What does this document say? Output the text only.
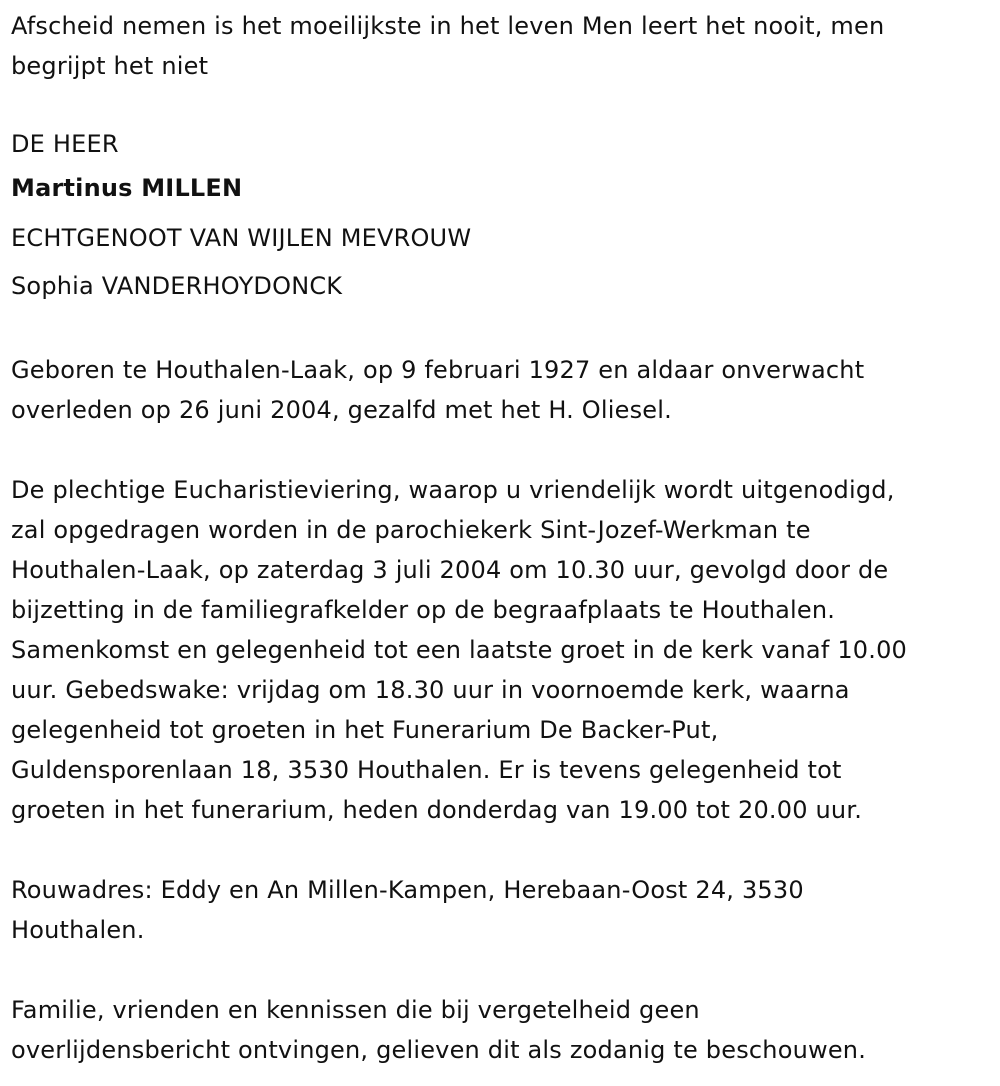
Afscheid nemen is het moeilijkste in het leven Men leert het nooit, men
begrijpt het niet
DE HEER
Martinus MILLEN
ECHTGENOOT VAN WIJLEN MEVROUW
Sophia VANDERHOYDONCK
Geboren te Houthalen-Laak, op 9 februari 1927 en aldaar onverwacht
overleden op 26 juni 2004, gezalfd met het H. Oliesel.
De plechtige Eucharistieviering, waarop u vriendelijk wordt uitgenodigd,
zal opgedragen worden in de parochiekerk Sint-Jozef-Werkman te
Houthalen-Laak, op zaterdag 3 juli 2004 om 10.30 uur, gevolgd door de
bijzetting in de familiegrafkelder op de begraafplaats te Houthalen.
Samenkomst en gelegenheid tot een laatste groet in de kerk vanaf 10.00
uur. Gebedswake: vrijdag om 18.30 uur in voornoemde kerk, waarna
gelegenheid tot groeten in het Funerarium De Backer-Put,
Guldensporenlaan 18, 3530 Houthalen. Er is tevens gelegenheid tot
groeten in het funerarium, heden donderdag van 19.00 tot 20.00 uur.
Rouwadres: Eddy en An Millen-Kampen, Herebaan-Oost 24, 3530
Houthalen.
Familie, vrienden en kennissen die bij vergetelheid geen
overlijdensbericht ontvingen, gelieven dit als zodanig te beschouwen.
